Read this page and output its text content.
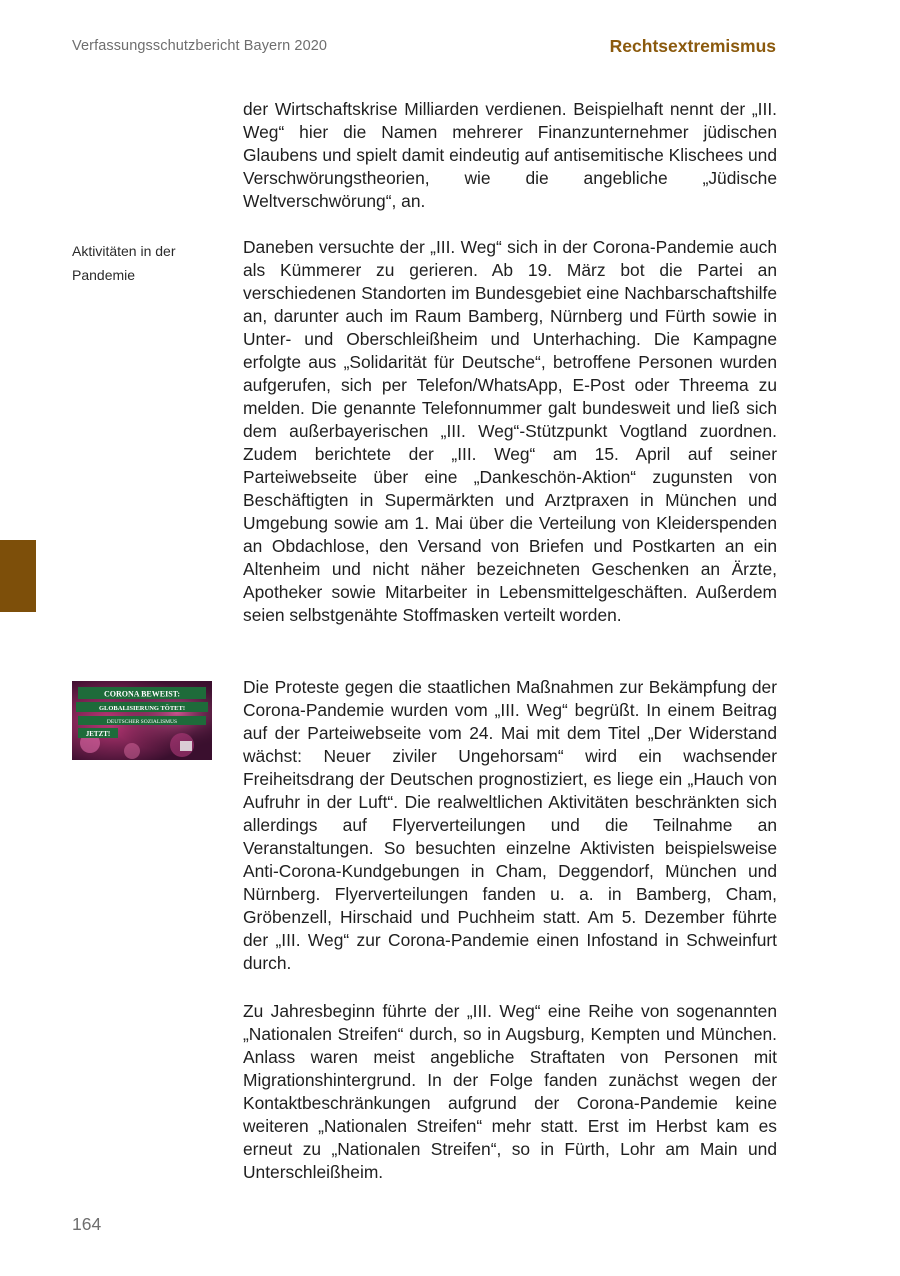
Verfassungsschutzbericht Bayern 2020	Rechtsextremismus
Aktivitäten in der
Pandemie
CORONA BEWEIST:
GLOBALISIERUNG TÖTET!
DEUTSCHER SOZIALISMUS
JETZT!

der Wirtschaftskrise Milliarden verdienen. Beispielhaft nennt der „III. Weg“ hier die Namen mehrerer Finanzunternehmer jüdischen Glaubens und spielt damit eindeutig auf antisemitische Klischees und Verschwörungstheorien, wie die angebliche „Jüdische Weltverschwörung“, an.

Daneben versuchte der „III. Weg“ sich in der Corona-Pandemie auch als Kümmerer zu gerieren. Ab 19. März bot die Partei an verschiedenen Standorten im Bundesgebiet eine Nachbarschaftshilfe an, darunter auch im Raum Bamberg, Nürnberg und Fürth sowie in Unter- und Oberschleißheim und Unterhaching. Die Kampagne erfolgte aus „Solidarität für Deutsche“, betroffene Personen wurden aufgerufen, sich per Telefon/WhatsApp, E-Post oder Threema zu melden. Die genannte Telefonnummer galt bundesweit und ließ sich dem außerbayerischen „III. Weg“-Stützpunkt Vogtland zuordnen. Zudem berichtete der „III. Weg“ am 15. April auf seiner Parteiwebseite über eine „Dankeschön-Aktion“ zugunsten von Beschäftigten in Supermärkten und Arztpraxen in München und Umgebung sowie am 1. Mai über die Verteilung von Kleiderspenden an Obdachlose, den Versand von Briefen und Postkarten an ein Altenheim und nicht näher bezeichneten Geschenken an Ärzte, Apotheker sowie Mitarbeiter in Lebensmittelgeschäften. Außerdem seien selbstgenähte Stoffmasken verteilt worden.

Die Proteste gegen die staatlichen Maßnahmen zur Bekämpfung der Corona-Pandemie wurden vom „III. Weg“ begrüßt. In einem Beitrag auf der Parteiwebseite vom 24. Mai mit dem Titel „Der Widerstand wächst: Neuer ziviler Ungehorsam“ wird ein wachsender Freiheitsdrang der Deutschen prognostiziert, es liege ein „Hauch von Aufruhr in der Luft“. Die realweltlichen Aktivitäten beschränkten sich allerdings auf Flyerverteilungen und die Teilnahme an Veranstaltungen. So besuchten einzelne Aktivisten beispielsweise Anti-Corona-Kundgebungen in Cham, Deggendorf, München und Nürnberg. Flyerverteilungen fanden u. a. in Bamberg, Cham, Gröbenzell, Hirschaid und Puchheim statt. Am 5. Dezember führte der „III. Weg“ zur Corona-Pandemie einen Infostand in Schweinfurt durch.

Zu Jahresbeginn führte der „III. Weg“ eine Reihe von sogenannten „Nationalen Streifen“ durch, so in Augsburg, Kempten und München. Anlass waren meist angebliche Straftaten von Personen mit Migrationshintergrund. In der Folge fanden zunächst wegen der Kontaktbeschränkungen aufgrund der Corona-Pandemie keine weiteren „Nationalen Streifen“ mehr statt. Erst im Herbst kam es erneut zu „Nationalen Streifen“, so in Fürth, Lohr am Main und Unterschleißheim.

164
